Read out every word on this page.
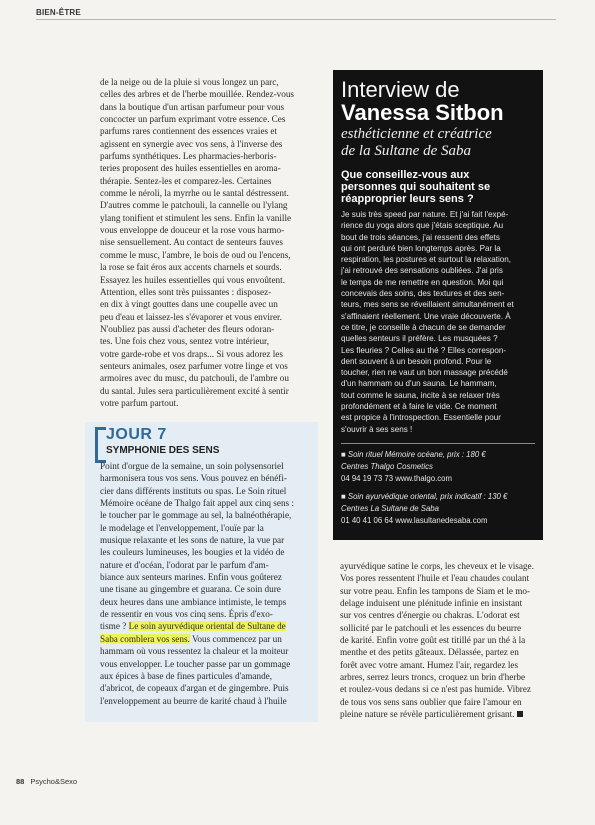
BIEN-ÊTRE

de la neige ou de la pluie si vous longez un parc,

celles des arbres et de l'herbe mouillée. Rendez-vous

dans la boutique d'un artisan parfumeur pour vous

concocter un parfum exprimant votre essence. Ces

parfums rares contiennent des essences vraies et

agissent en synergie avec vos sens, à l'inverse des

parfums synthétiques. Les pharmacies-herboris-

teries proposent des huiles essentielles en aroma-

thérapie. Sentez-les et comparez-les. Certaines

comme le néroli, la myrrhe ou le santal déstressent.

D'autres comme le patchouli, la cannelle ou l'ylang

ylang tonifient et stimulent les sens. Enfin la vanille

vous enveloppe de douceur et la rose vous harmo-

nise sensuellement. Au contact de senteurs fauves

comme le musc, l'ambre, le bois de oud ou l'encens,

la rose se fait éros aux accents charnels et sourds.

Essayez les huiles essentielles qui vous envoûtent.

Attention, elles sont très puissantes : disposez-

en dix à vingt gouttes dans une coupelle avec un

peu d'eau et laissez-les s'évaporer et vous envirer.

N'oubliez pas aussi d'acheter des fleurs odoran-

tes. Une fois chez vous, sentez votre intérieur,

votre garde-robe et vos draps... Si vous adorez les

senteurs animales, osez parfumer votre linge et vos

armoires avec du musc, du patchouli, de l'ambre ou

du santal. Jules sera particulièrement excité à sentir

votre parfum partout.

JOUR 7
SYMPHONIE DES SENS

Point d'orgue de la semaine, un soin polysensoriel

harmonisera tous vos sens. Vous pouvez en bénéfi-

cier dans différents instituts ou spas. Le Soin rituel

Mémoire océane de Thalgo fait appel aux cinq sens :

le toucher par le gommage au sel, la balnéothérapie,

le modelage et l'enveloppement, l'ouïe par la

musique relaxante et les sons de nature, la vue par

les couleurs lumineuses, les bougies et la vidéo de

nature et d'océan, l'odorat par le parfum d'am-

biance aux senteurs marines. Enfin vous goûterez

une tisane au gingembre et guarana. Ce soin dure

deux heures dans une ambiance intimiste, le temps

de ressentir en vous vos cinq sens. Épris d'exo-

tisme ? Le soin ayurvédique oriental de Sultane de

Saba comblera vos sens. Vous commencez par un

hammam où vous ressentez la chaleur et la moiteur

vous envelopper. Le toucher passe par un gommage

aux épices à base de fines particules d'amande,

d'abricot, de copeaux d'argan et de gingembre. Puis

l'enveloppement au beurre de karité chaud à l'huile

ayurvédique satine le corps, les cheveux et le visage.

Vos pores ressentent l'huile et l'eau chaudes coulant

sur votre peau. Enfin les tampons de Siam et le mo-

delage induisent une plénitude infinie en insistant

sur vos centres d'énergie ou chakras. L'odorat est

sollicité par le patchouli et les essences du beurre

de karité. Enfin votre goût est titillé par un thé à la

menthe et des petits gâteaux. Délassée, partez en

forêt avec votre amant. Humez l'air, regardez les

arbres, serrez leurs troncs, croquez un brin d'herbe

et roulez-vous dedans si ce n'est pas humide. Vibrez

de tous vos sens sans oublier que faire l'amour en

pleine nature se révèle particulièrement grisant.

Interview de
Vanessa Sitbon
esthéticienne et créatrice
de la Sultane de Saba
Que conseillez-vous aux
personnes qui souhaitent se
réapproprier leurs sens ?
Je suis très speed par nature. Et j'ai fait l'expé-
rience du yoga alors que j'étais sceptique. Au
bout de trois séances, j'ai ressenti des effets
qui ont perduré bien longtemps après. Par la
respiration, les postures et surtout la relaxation,
j'ai retrouvé des sensations oubliées. J'ai pris
le temps de me remettre en question. Moi qui
concevais des soins, des textures et des sen-
teurs, mes sens se réveillaient simultanément et
s'affinaient réellement. Une vraie découverte. À
ce titre, je conseille à chacun de se demander
quelles senteurs il préfère. Les musquées ?
Les fleuries ? Celles au thé ? Elles correspon-
dent souvent à un besoin profond. Pour le
toucher, rien ne vaut un bon massage précédé
d'un hammam ou d'un sauna. Le hammam,
tout comme le sauna, incite à se relaxer très
profondément et à faire le vide. Ce moment
est propice à l'introspection. Essentielle pour
s'ouvrir à ses sens !
■ Soin rituel Mémoire océane, prix : 180 €
Centres Thalgo Cosmetics
04 94 19 73 73 www.thalgo.com
■ Soin ayurvédique oriental, prix indicatif : 130 €
Centres La Sultane de Saba
01 40 41 06 64 www.lasultanedesaba.com
88 Psycho&Sexo
